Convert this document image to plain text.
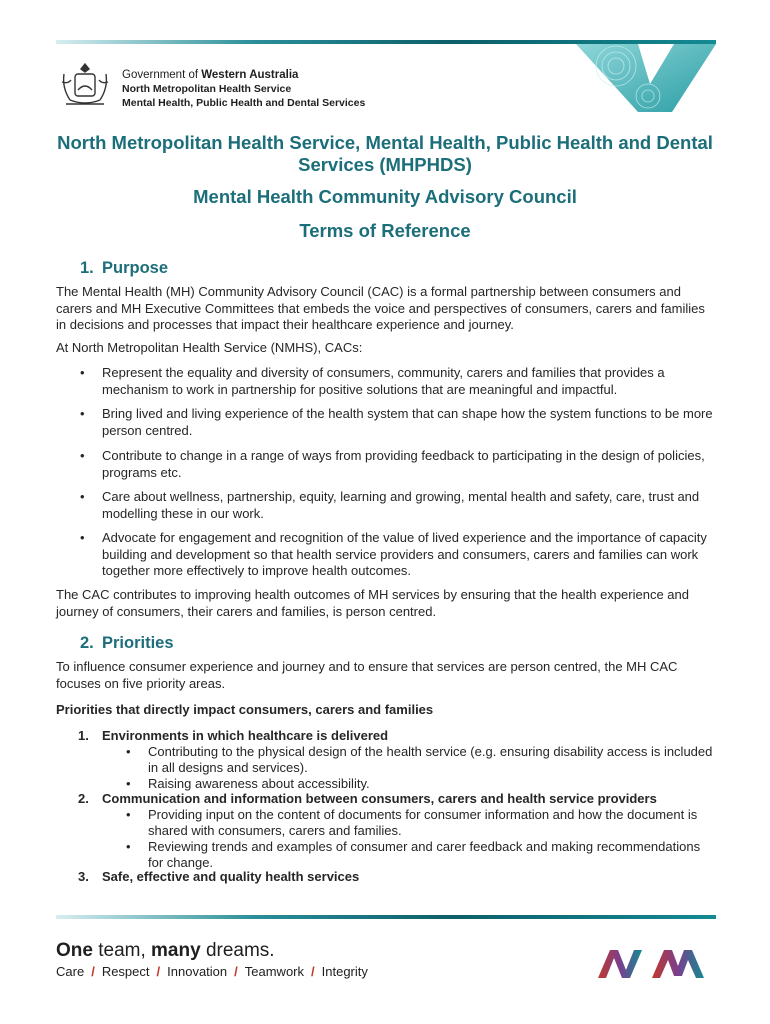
Government of Western Australia
North Metropolitan Health Service
Mental Health, Public Health and Dental Services
North Metropolitan Health Service, Mental Health, Public Health and Dental Services (MHPHDS)
Mental Health Community Advisory Council
Terms of Reference
1. Purpose
The Mental Health (MH) Community Advisory Council (CAC) is a formal partnership between consumers and carers and MH Executive Committees that embeds the voice and perspectives of consumers, carers and families in decisions and processes that impact their healthcare experience and journey.
At North Metropolitan Health Service (NMHS), CACs:
• Represent the equality and diversity of consumers, community, carers and families that provides a mechanism to work in partnership for positive solutions that are meaningful and impactful.
• Bring lived and living experience of the health system that can shape how the system functions to be more person centred.
• Contribute to change in a range of ways from providing feedback to participating in the design of policies, programs etc.
• Care about wellness, partnership, equity, learning and growing, mental health and safety, care, trust and modelling these in our work.
• Advocate for engagement and recognition of the value of lived experience and the importance of capacity building and development so that health service providers and consumers, carers and families can work together more effectively to improve health outcomes.
The CAC contributes to improving health outcomes of MH services by ensuring that the health experience and journey of consumers, their carers and families, is person centred.
2. Priorities
To influence consumer experience and journey and to ensure that services are person centred, the MH CAC focuses on five priority areas.
Priorities that directly impact consumers, carers and families
1. Environments in which healthcare is delivered
• Contributing to the physical design of the health service (e.g. ensuring disability access is included in all designs and services).
• Raising awareness about accessibility.
2. Communication and information between consumers, carers and health service providers
• Providing input on the content of documents for consumer information and how the document is shared with consumers, carers and families.
• Reviewing trends and examples of consumer and carer feedback and making recommendations for change.
3. Safe, effective and quality health services
One team, many dreams.
Care / Respect / Innovation / Teamwork / Integrity
